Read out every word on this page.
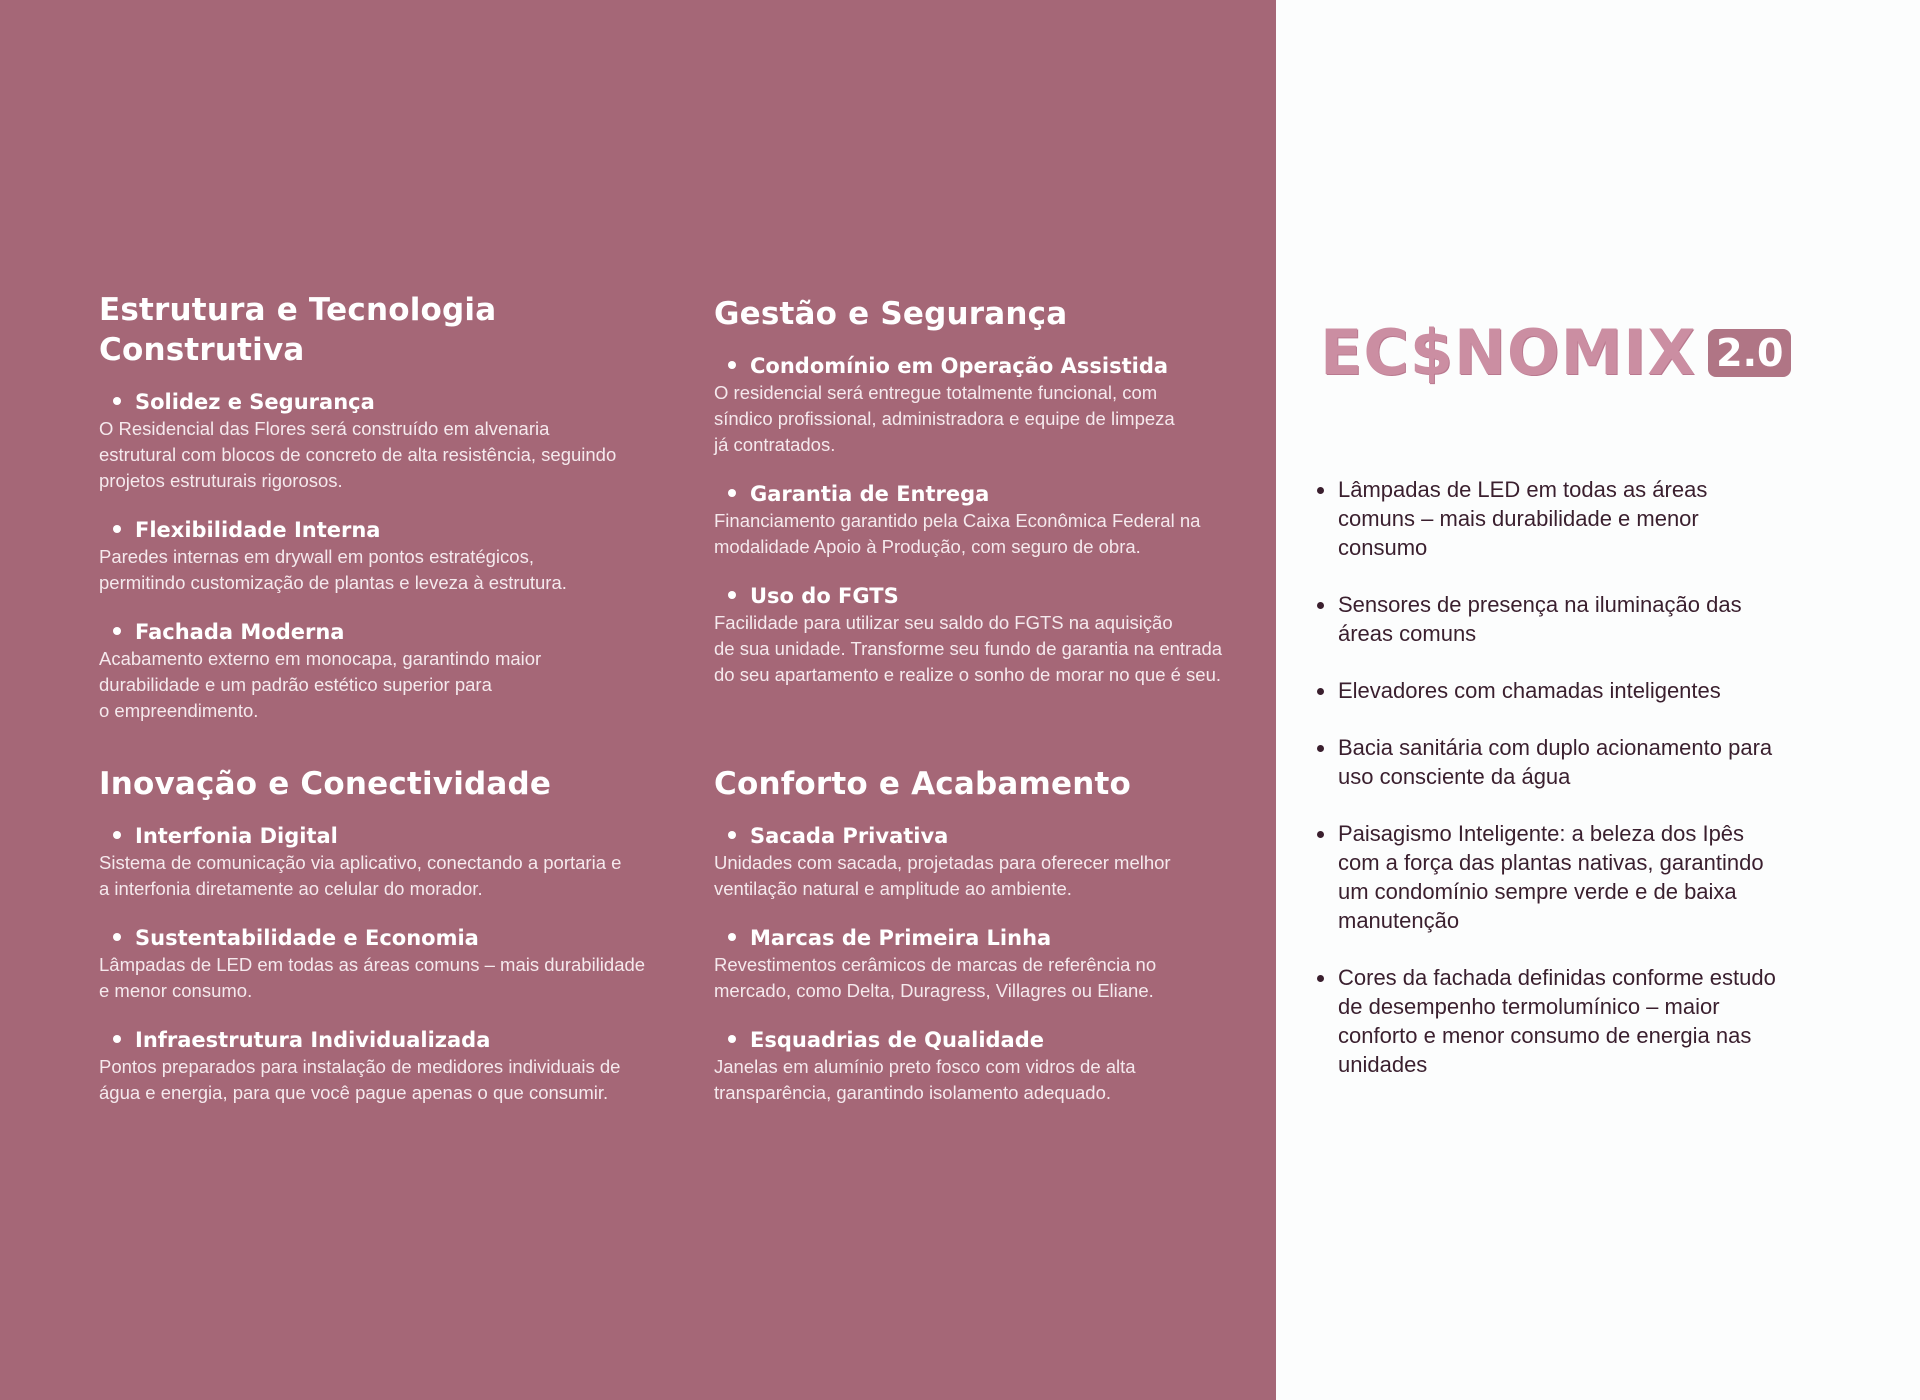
Estrutura e Tecnologia Construtiva
Solidez e Segurança
O Residencial das Flores será construído em alvenaria
estrutural com blocos de concreto de alta resistência, seguindo
projetos estruturais rigorosos.
Flexibilidade Interna
Paredes internas em drywall em pontos estratégicos,
permitindo customização de plantas e leveza à estrutura.
Fachada Moderna
Acabamento externo em monocapa, garantindo maior
durabilidade e um padrão estético superior para
o empreendimento.
Gestão e Segurança
Condomínio em Operação Assistida
O residencial será entregue totalmente funcional, com
síndico profissional, administradora e equipe de limpeza
já contratados.
Garantia de Entrega
Financiamento garantido pela Caixa Econômica Federal na
modalidade Apoio à Produção, com seguro de obra.
Uso do FGTS
Facilidade para utilizar seu saldo do FGTS na aquisição
de sua unidade. Transforme seu fundo de garantia na entrada
do seu apartamento e realize o sonho de morar no que é seu.
Inovação e Conectividade
Interfonia Digital
Sistema de comunicação via aplicativo, conectando a portaria e
a interfonia diretamente ao celular do morador.
Sustentabilidade e Economia
Lâmpadas de LED em todas as áreas comuns – mais durabilidade
e menor consumo.
Infraestrutura Individualizada
Pontos preparados para instalação de medidores individuais de
água e energia, para que você pague apenas o que consumir.
Conforto e Acabamento
Sacada Privativa
Unidades com sacada, projetadas para oferecer melhor
ventilação natural e amplitude ao ambiente.
Marcas de Primeira Linha
Revestimentos cerâmicos de marcas de referência no
mercado, como Delta, Duragress, Villagres ou Eliane.
Esquadrias de Qualidade
Janelas em alumínio preto fosco com vidros de alta
transparência, garantindo isolamento adequado.
EC$NOMIX 2.0
Lâmpadas de LED em todas as áreas
comuns – mais durabilidade e menor
consumo
Sensores de presença na iluminação das
áreas comuns
Elevadores com chamadas inteligentes
Bacia sanitária com duplo acionamento para
uso consciente da água
Paisagismo Inteligente: a beleza dos Ipês
com a força das plantas nativas, garantindo
um condomínio sempre verde e de baixa
manutenção
Cores da fachada definidas conforme estudo
de desempenho termolumínico – maior
conforto e menor consumo de energia nas
unidades
